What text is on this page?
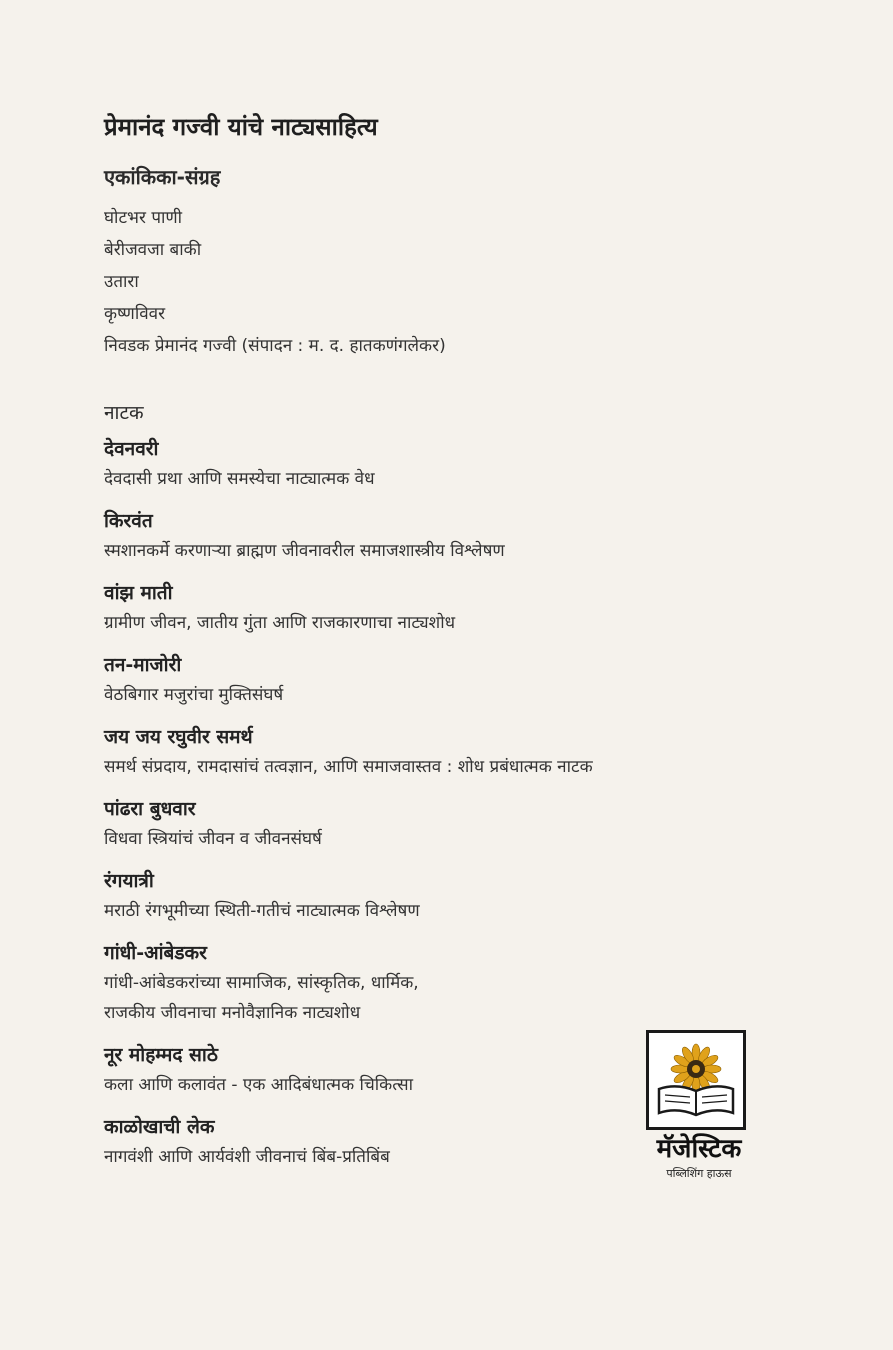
प्रेमानंद गज्वी यांचे नाट्यसाहित्य
एकांकिका-संग्रह
घोटभर पाणी
बेरीजवजा बाकी
उतारा
कृष्णविवर
निवडक प्रेमानंद गज्वी (संपादन : म. द. हातकणंगलेकर)
नाटक
देवनवरी

देवदासी प्रथा आणि समस्येचा नाट्यात्मक वेध

किरवंत

स्मशानकर्मे करणाऱ्या ब्राह्मण जीवनावरील समाजशास्त्रीय विश्लेषण

वांझ माती

ग्रामीण जीवन, जातीय गुंता आणि राजकारणाचा नाट्यशोध

तन-माजोरी

वेठबिगार मजुरांचा मुक्तिसंघर्ष

जय जय रघुवीर समर्थ

समर्थ संप्रदाय, रामदासांचं तत्वज्ञान, आणि समाजवास्तव : शोध प्रबंधात्मक नाटक

पांढरा बुधवार

विधवा स्त्रियांचं जीवन व जीवनसंघर्ष

रंगयात्री

मराठी रंगभूमीच्या स्थिती-गतीचं नाट्यात्मक विश्लेषण

गांधी-आंबेडकर

गांधी-आंबेडकरांच्या सामाजिक, सांस्कृतिक, धार्मिक,

राजकीय जीवनाचा मनोवैज्ञानिक नाट्यशोध

नूर मोहम्मद साठे

कला आणि कलावंत - एक आदिबंधात्मक चिकित्सा

काळोखाची लेक

नागवंशी आणि आर्यवंशी जीवनाचं बिंब-प्रतिबिंब	मॅजेस्टिक
पब्लिशिंग हाऊस
